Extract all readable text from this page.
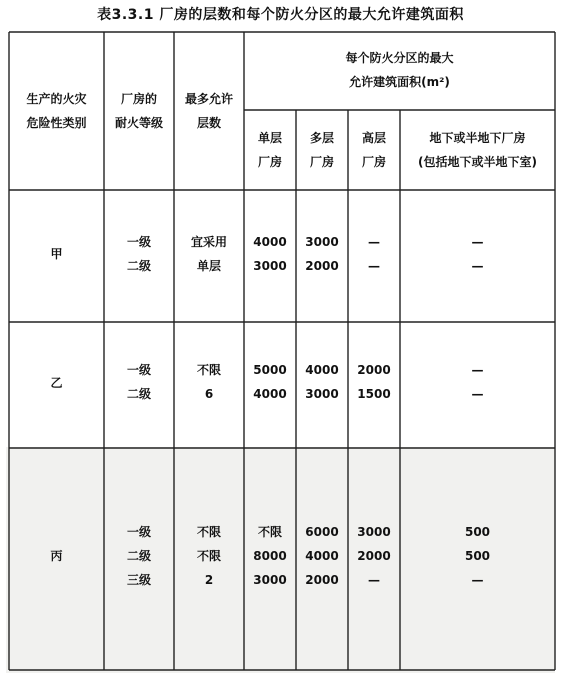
表3.3.1 厂房的层数和每个防火分区的最大允许建筑面积
生产的火灾
危险性类别
厂房的
耐火等级
最多允许
层数
每个防火分区的最大
允许建筑面积(m²)
单层
厂房
多层
厂房
高层
厂房
地下或半地下厂房
(包括地下或半地下室)
甲
一级
二级
宜采用
单层
4000
3000
3000
2000
—
—
—
—
乙
一级
二级
不限
6
5000
4000
4000
3000
2000
1500
—
—
丙
一级
二级
三级
不限
不限
2
不限
8000
3000
6000
4000
2000
3000
2000
—
500
500
—
